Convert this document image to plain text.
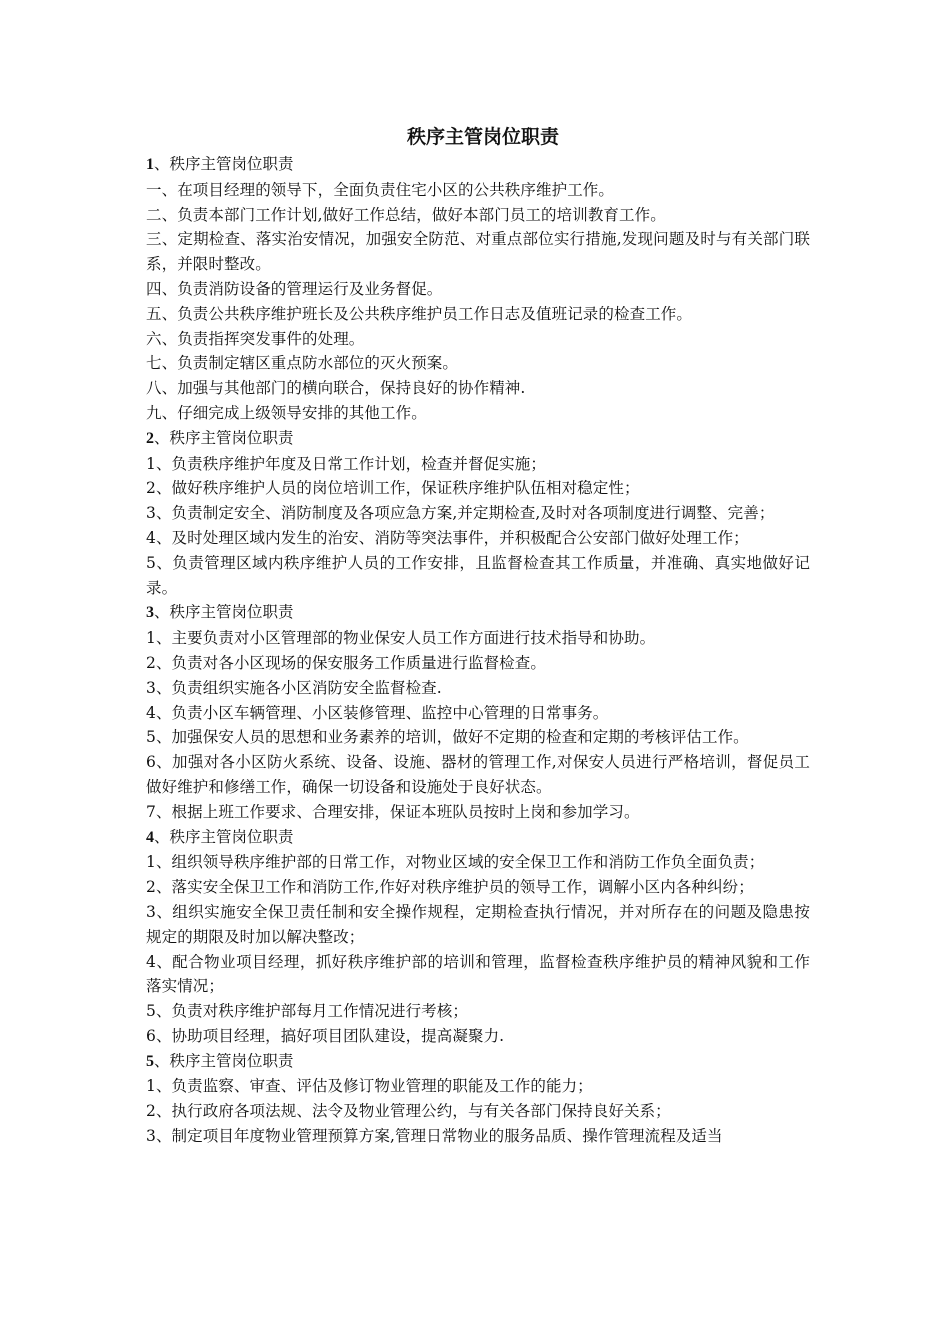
秩序主管岗位职责

1、秩序主管岗位职责

一、在项目经理的领导下，全面负责住宅小区的公共秩序维护工作。

二、负责本部门工作计划,做好工作总结，做好本部门员工的培训教育工作。

三、定期检查、落实治安情况，加强安全防范、对重点部位实行措施,发现问题及时与有关部门联系，并限时整改。

四、负责消防设备的管理运行及业务督促。

五、负责公共秩序维护班长及公共秩序维护员工作日志及值班记录的检查工作。

六、负责指挥突发事件的处理。

七、负责制定辖区重点防水部位的灭火预案。

八、加强与其他部门的横向联合，保持良好的协作精神.

九、仔细完成上级领导安排的其他工作。

2、秩序主管岗位职责

1、负责秩序维护年度及日常工作计划，检查并督促实施；

2、做好秩序维护人员的岗位培训工作，保证秩序维护队伍相对稳定性；

3、负责制定安全、消防制度及各项应急方案,并定期检查,及时对各项制度进行调整、完善；

4、及时处理区域内发生的治安、消防等突法事件，并积极配合公安部门做好处理工作；

5、负责管理区域内秩序维护人员的工作安排，且监督检查其工作质量，并准确、真实地做好记录。

3、秩序主管岗位职责

1、主要负责对小区管理部的物业保安人员工作方面进行技术指导和协助。

2、负责对各小区现场的保安服务工作质量进行监督检查。

3、负责组织实施各小区消防安全监督检查.

4、负责小区车辆管理、小区装修管理、监控中心管理的日常事务。

5、加强保安人员的思想和业务素养的培训，做好不定期的检查和定期的考核评估工作。

6、加强对各小区防火系统、设备、设施、器材的管理工作,对保安人员进行严格培训，督促员工做好维护和修缮工作，确保一切设备和设施处于良好状态。

7、根据上班工作要求、合理安排，保证本班队员按时上岗和参加学习。

4、秩序主管岗位职责

1、组织领导秩序维护部的日常工作，对物业区域的安全保卫工作和消防工作负全面负责；

2、落实安全保卫工作和消防工作,作好对秩序维护员的领导工作，调解小区内各种纠纷；

3、组织实施安全保卫责任制和安全操作规程，定期检查执行情况，并对所存在的问题及隐患按规定的期限及时加以解决整改；

4、配合物业项目经理，抓好秩序维护部的培训和管理，监督检查秩序维护员的精神风貌和工作落实情况；

5、负责对秩序维护部每月工作情况进行考核；

6、协助项目经理，搞好项目团队建设，提高凝聚力.

5、秩序主管岗位职责

1、负责监察、审查、评估及修订物业管理的职能及工作的能力；

2、执行政府各项法规、法令及物业管理公约，与有关各部门保持良好关系；

3、制定项目年度物业管理预算方案,管理日常物业的服务品质、操作管理流程及适当
